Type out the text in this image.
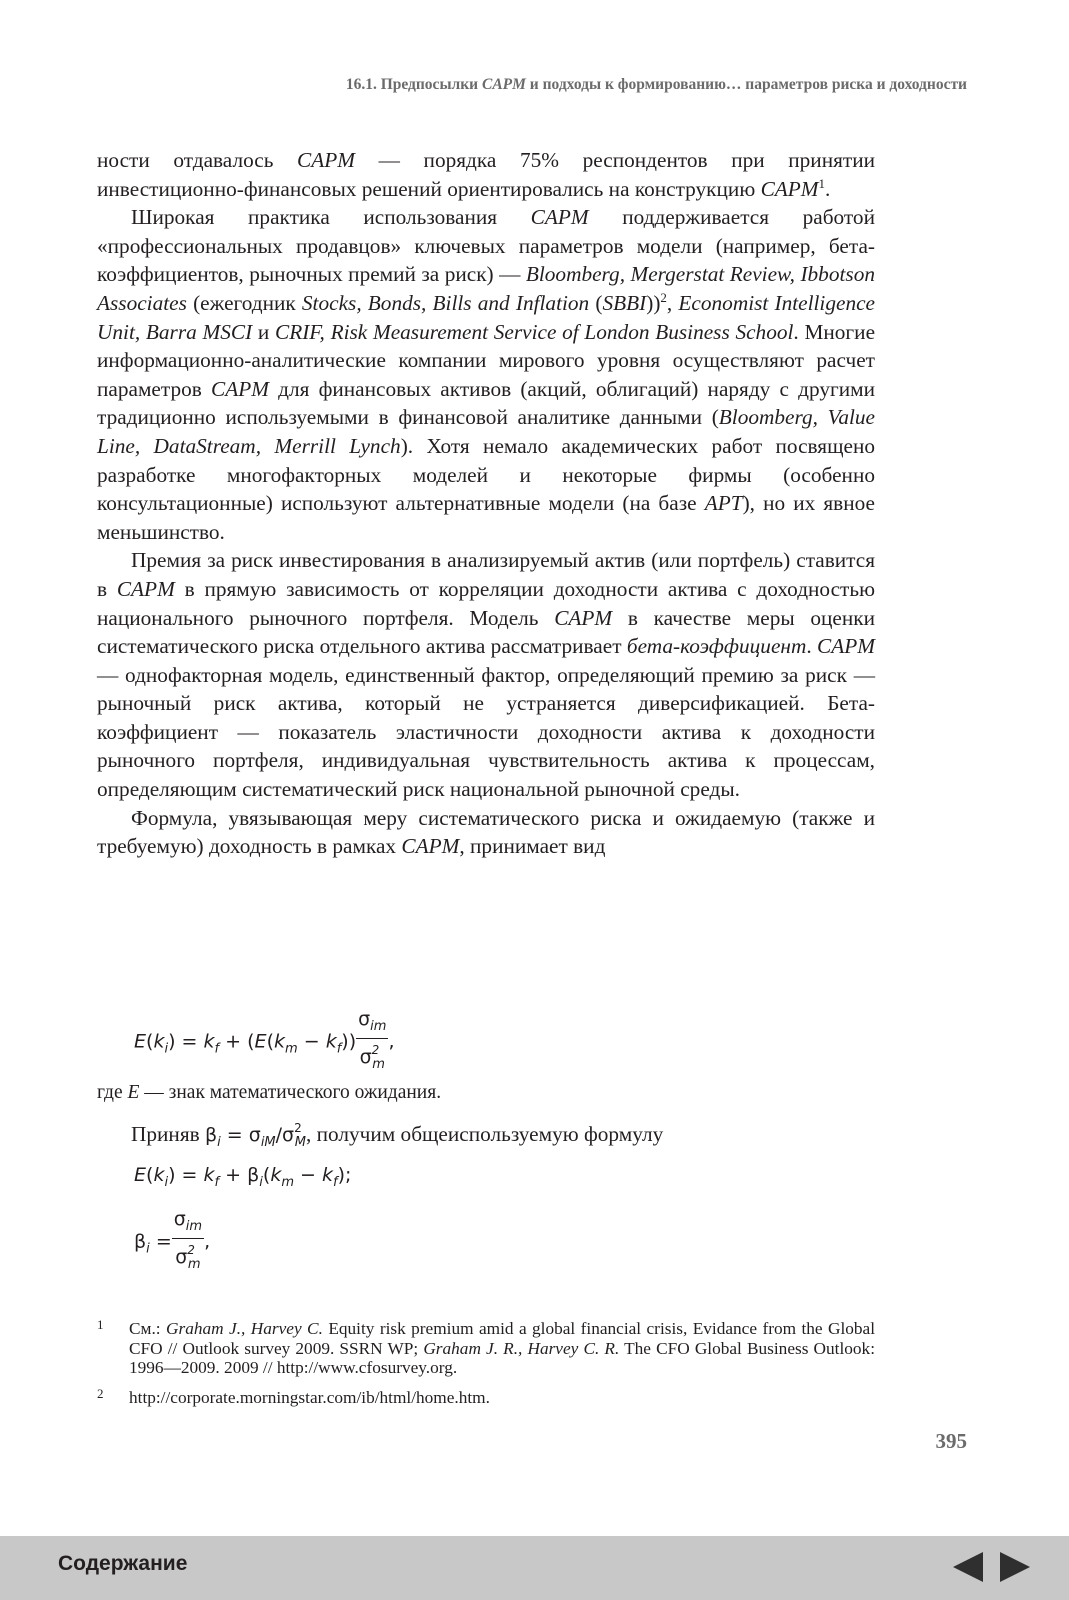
16.1. Предпосылки CAPM и подходы к формированию… параметров риска и доходности

ности отдавалось CAPM — порядка 75% респондентов при принятии инвестиционно-финансовых решений ориентировались на конструкцию CAPM$^1$.

Широкая практика использования CAPM поддерживается работой «профессиональных продавцов» ключевых параметров модели (например, бета-коэффициентов, рыночных премий за риск) — Bloomberg, Mergerstat Review, Ibbotson Associates (ежегодник Stocks, Bonds, Bills and Inflation (SBBI))$^2$, Economist Intelligence Unit, Barra MSCI и CRIF, Risk Measurement Service of London Business School. Многие информационно-аналитические компании мирового уровня осуществляют расчет параметров CAPM для финансовых активов (акций, облигаций) наряду с другими традиционно используемыми в финансовой аналитике данными (Bloomberg, Value Line, DataStream, Merrill Lynch). Хотя немало академических работ посвящено разработке многофакторных моделей и некоторые фирмы (особенно консультационные) используют альтернативные модели (на базе APT), но их явное меньшинство.

Премия за риск инвестирования в анализируемый актив (или портфель) ставится в CAPM в прямую зависимость от корреляции доходности актива с доходностью национального рыночного портфеля. Модель CAPM в качестве меры оценки систематического риска отдельного актива рассматривает бета-коэффициент. CAPM — однофакторная модель, единственный фактор, определяющий премию за риск — рыночный риск актива, который не устраняется диверсификацией. Бета-коэффициент — показатель эластичности доходности актива к доходности рыночного портфеля, индивидуальная чувствительность актива к процессам, определяющим систематический риск национальной рыночной среды.

Формула, увязывающая меру систематического риска и ожидаемую (также и требуемую) доходность в рамках CAPM, принимает вид

$E(k_i) = k_f + (E(k_m - k_f)) \frac{\sigma_{im}}{\sigma^2_m}$ ,
где E — знак математического ожидания.
Приняв $\beta_i = \sigma_{iM}/\sigma^2_M$, получим общеиспользуемую формулу
$E(k_i) = k_f + \beta_i(k_m - k_f)$;
$\beta_i = \frac{\sigma_{im}}{\sigma^2_m}$ ,
1 См.: Graham J., Harvey C. Equity risk premium amid a global financial crisis, Evidance from the Global CFO // Outlook survey 2009. SSRN WP; Graham J. R., Harvey C. R. The CFO Global Business Outlook: 1996—2009. 2009 // http://www.cfosurvey.org.
2 http://corporate.morningstar.com/ib/html/home.htm.
395
Содержание
